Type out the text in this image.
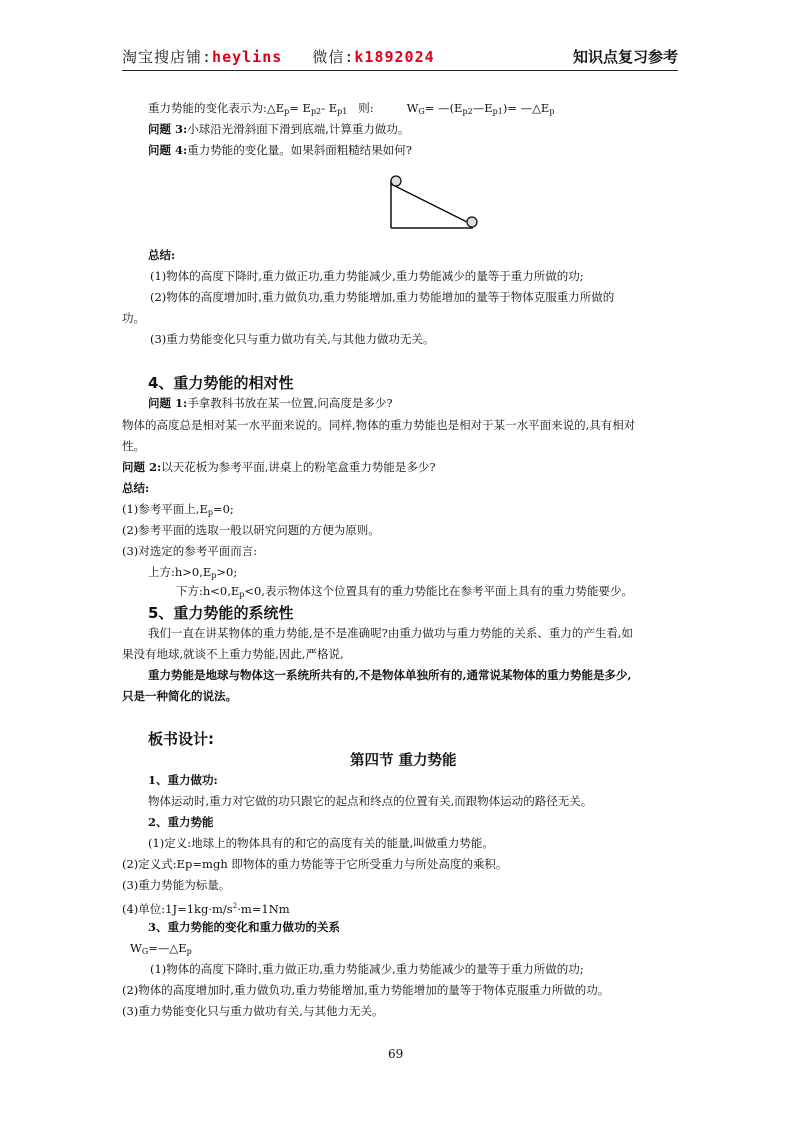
淘宝搜店铺:heylins 微信:k1892024	知识点复习参考
重力势能的变化表示为$:\triangle E_p= E_{p2}-$ $E_{p1}$ 则:	$W_G=$ $—(E_{p2}—E_{p1})=$ $—\triangle E_p$
问题 3:小球沿光滑斜面下滑到底端,计算重力做功。
问题 4:重力势能的变化量。如果斜面粗糙结果如何?
总结:
(1)物体的高度下降时,重力做正功,重力势能减少,重力势能减少的量等于重力所做的功;
(2)物体的高度增加时,重力做负功,重力势能增加,重力势能增加的量等于物体克服重力所做的
功。
(3)重力势能变化只与重力做功有关,与其他力做功无关。
4、重力势能的相对性
问题 1:手拿教科书放在某一位置,问高度是多少?
物体的高度总是相对某一水平面来说的。同样,物体的重力势能也是相对于某一水平面来说的,具有相对
性。
问题 2:以天花板为参考平面,讲桌上的粉笔盒重力势能是多少?
总结:
(1)参考平面上$,E_p=0$;
(2)参考平面的选取一般以研究问题的方便为原则。
(3)对选定的参考平面而言:
上方$:h>0,E_p>0$;
下方$:h<0,E_p<0$,表示物体这个位置具有的重力势能比在参考平面上具有的重力势能要少。
5、重力势能的系统性
我们一直在讲某物体的重力势能,是不是准确呢?由重力做功与重力势能的关系、重力的产生看,如
果没有地球,就谈不上重力势能,因此,严格说,
重力势能是地球与物体这一系统所共有的,不是物体单独所有的,通常说某物体的重力势能是多少,
只是一种简化的说法。
板书设计:
第四节 重力势能
1、重力做功:
物体运动时,重力对它做的功只跟它的起点和终点的位置有关,而跟物体运动的路径无关。
2、重力势能
(1)定义:地球上的物体具有的和它的高度有关的能量,叫做重力势能。
(2)定义式:Ep=mgh 即物体的重力势能等于它所受重力与所处高度的乘积。
(3)重力势能为标量。
(4)单位$:1J=1kg\cdot m/s^2\cdot m=1Nm$
3、重力势能的变化和重力做功的关系
$W_G=—\triangle E_p$
(1)物体的高度下降时,重力做正功,重力势能减少,重力势能减少的量等于重力所做的功;
(2)物体的高度增加时,重力做负功,重力势能增加,重力势能增加的量等于物体克服重力所做的功。
(3)重力势能变化只与重力做功有关,与其他力无关。
69
